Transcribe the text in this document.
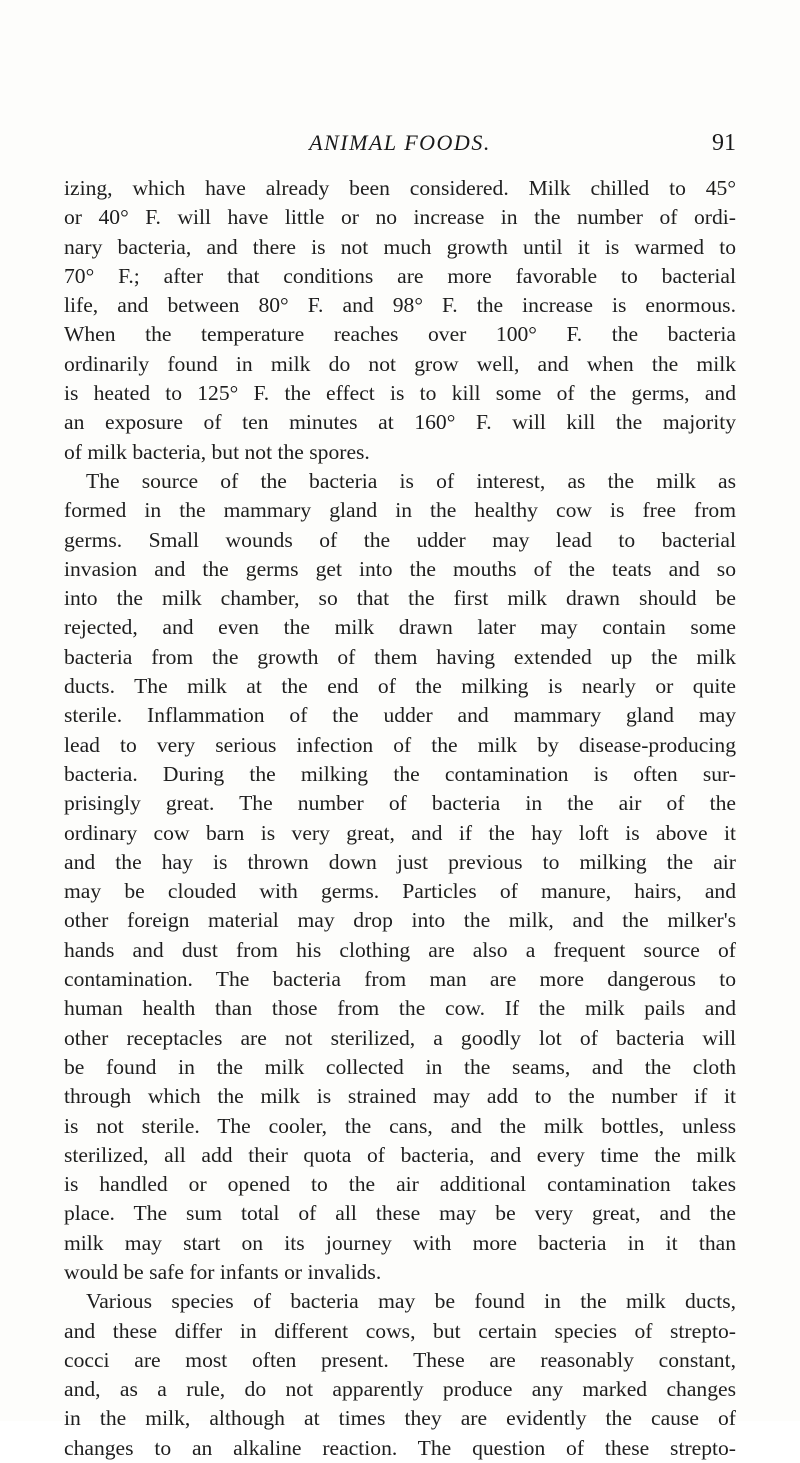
ANIMAL FOODS.	91
izing, which have already been considered. Milk chilled to 45°
or 40° F. will have little or no increase in the number of ordi-
nary bacteria, and there is not much growth until it is warmed to
70° F.; after that conditions are more favorable to bacterial
life, and between 80° F. and 98° F. the increase is enormous.
When the temperature reaches over 100° F. the bacteria
ordinarily found in milk do not grow well, and when the milk
is heated to 125° F. the effect is to kill some of the germs, and
an exposure of ten minutes at 160° F. will kill the majority
of milk bacteria, but not the spores.
The source of the bacteria is of interest, as the milk as
formed in the mammary gland in the healthy cow is free from
germs. Small wounds of the udder may lead to bacterial
invasion and the germs get into the mouths of the teats and so
into the milk chamber, so that the first milk drawn should be
rejected, and even the milk drawn later may contain some
bacteria from the growth of them having extended up the milk
ducts. The milk at the end of the milking is nearly or quite
sterile. Inflammation of the udder and mammary gland may
lead to very serious infection of the milk by disease-producing
bacteria. During the milking the contamination is often sur-
prisingly great. The number of bacteria in the air of the
ordinary cow barn is very great, and if the hay loft is above it
and the hay is thrown down just previous to milking the air
may be clouded with germs. Particles of manure, hairs, and
other foreign material may drop into the milk, and the milker's
hands and dust from his clothing are also a frequent source of
contamination. The bacteria from man are more dangerous to
human health than those from the cow. If the milk pails and
other receptacles are not sterilized, a goodly lot of bacteria will
be found in the milk collected in the seams, and the cloth
through which the milk is strained may add to the number if it
is not sterile. The cooler, the cans, and the milk bottles, unless
sterilized, all add their quota of bacteria, and every time the milk
is handled or opened to the air additional contamination takes
place. The sum total of all these may be very great, and the
milk may start on its journey with more bacteria in it than
would be safe for infants or invalids.
Various species of bacteria may be found in the milk ducts,
and these differ in different cows, but certain species of strepto-
cocci are most often present. These are reasonably constant,
and, as a rule, do not apparently produce any marked changes
in the milk, although at times they are evidently the cause of
changes to an alkaline reaction. The question of these strepto-
